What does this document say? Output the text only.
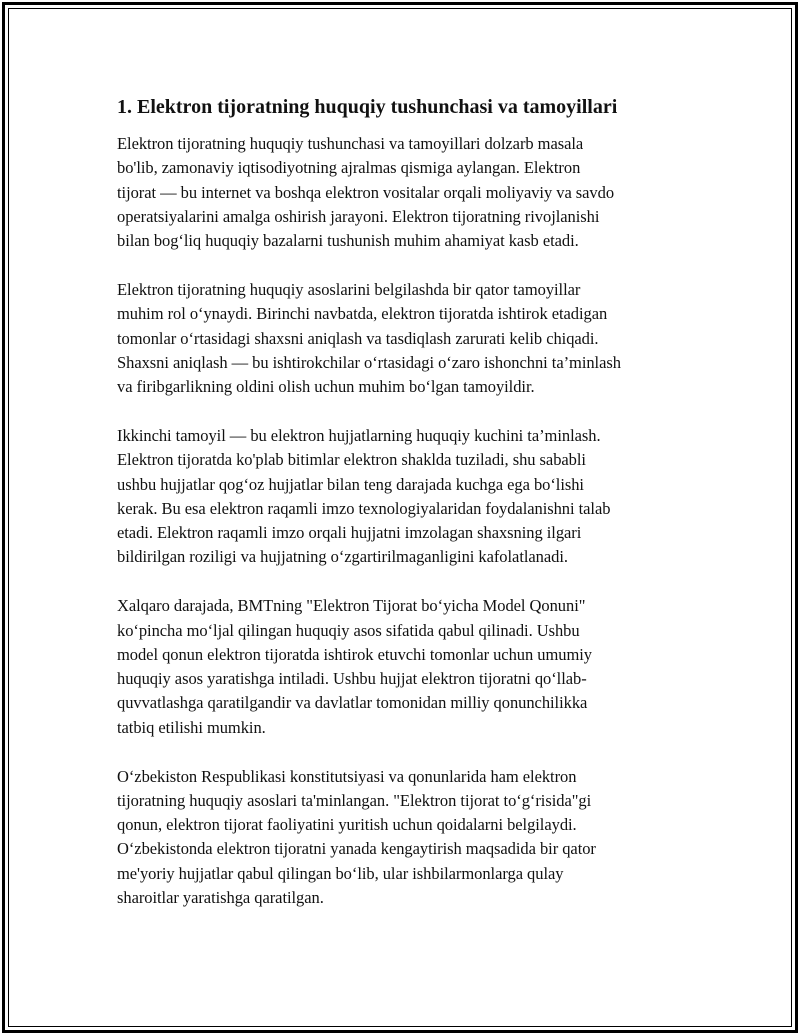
1. Elektron tijoratning huquqiy tushunchasi va tamoyillari

Elektron tijoratning huquqiy tushunchasi va tamoyillari dolzarb masala
bo'lib, zamonaviy iqtisodiyotning ajralmas qismiga aylangan. Elektron
tijorat — bu internet va boshqa elektron vositalar orqali moliyaviy va savdo
operatsiyalarini amalga oshirish jarayoni. Elektron tijoratning rivojlanishi
bilan bog‘liq huquqiy bazalarni tushunish muhim ahamiyat kasb etadi.

Elektron tijoratning huquqiy asoslarini belgilashda bir qator tamoyillar
muhim rol o‘ynaydi. Birinchi navbatda, elektron tijoratda ishtirok etadigan
tomonlar o‘rtasidagi shaxsni aniqlash va tasdiqlash zarurati kelib chiqadi.
Shaxsni aniqlash — bu ishtirokchilar o‘rtasidagi o‘zaro ishonchni ta’minlash
va firibgarlikning oldini olish uchun muhim bo‘lgan tamoyildir.

Ikkinchi tamoyil — bu elektron hujjatlarning huquqiy kuchini ta’minlash.
Elektron tijoratda ko'plab bitimlar elektron shaklda tuziladi, shu sababli
ushbu hujjatlar qog‘oz hujjatlar bilan teng darajada kuchga ega bo‘lishi
kerak. Bu esa elektron raqamli imzo texnologiyalaridan foydalanishni talab
etadi. Elektron raqamli imzo orqali hujjatni imzolagan shaxsning ilgari
bildirilgan roziligi va hujjatning o‘zgartirilmaganligini kafolatlanadi.

Xalqaro darajada, BMTning "Elektron Tijorat bo‘yicha Model Qonuni"
ko‘pincha mo‘ljal qilingan huquqiy asos sifatida qabul qilinadi. Ushbu
model qonun elektron tijoratda ishtirok etuvchi tomonlar uchun umumiy
huquqiy asos yaratishga intiladi. Ushbu hujjat elektron tijoratni qo‘llab-
quvvatlashga qaratilgandir va davlatlar tomonidan milliy qonunchilikka
tatbiq etilishi mumkin.

O‘zbekiston Respublikasi konstitutsiyasi va qonunlarida ham elektron
tijoratning huquqiy asoslari ta'minlangan. "Elektron tijorat to‘g‘risida"gi
qonun, elektron tijorat faoliyatini yuritish uchun qoidalarni belgilaydi.
O‘zbekistonda elektron tijoratni yanada kengaytirish maqsadida bir qator
me'yoriy hujjatlar qabul qilingan bo‘lib, ular ishbilarmonlarga qulay
sharoitlar yaratishga qaratilgan.
